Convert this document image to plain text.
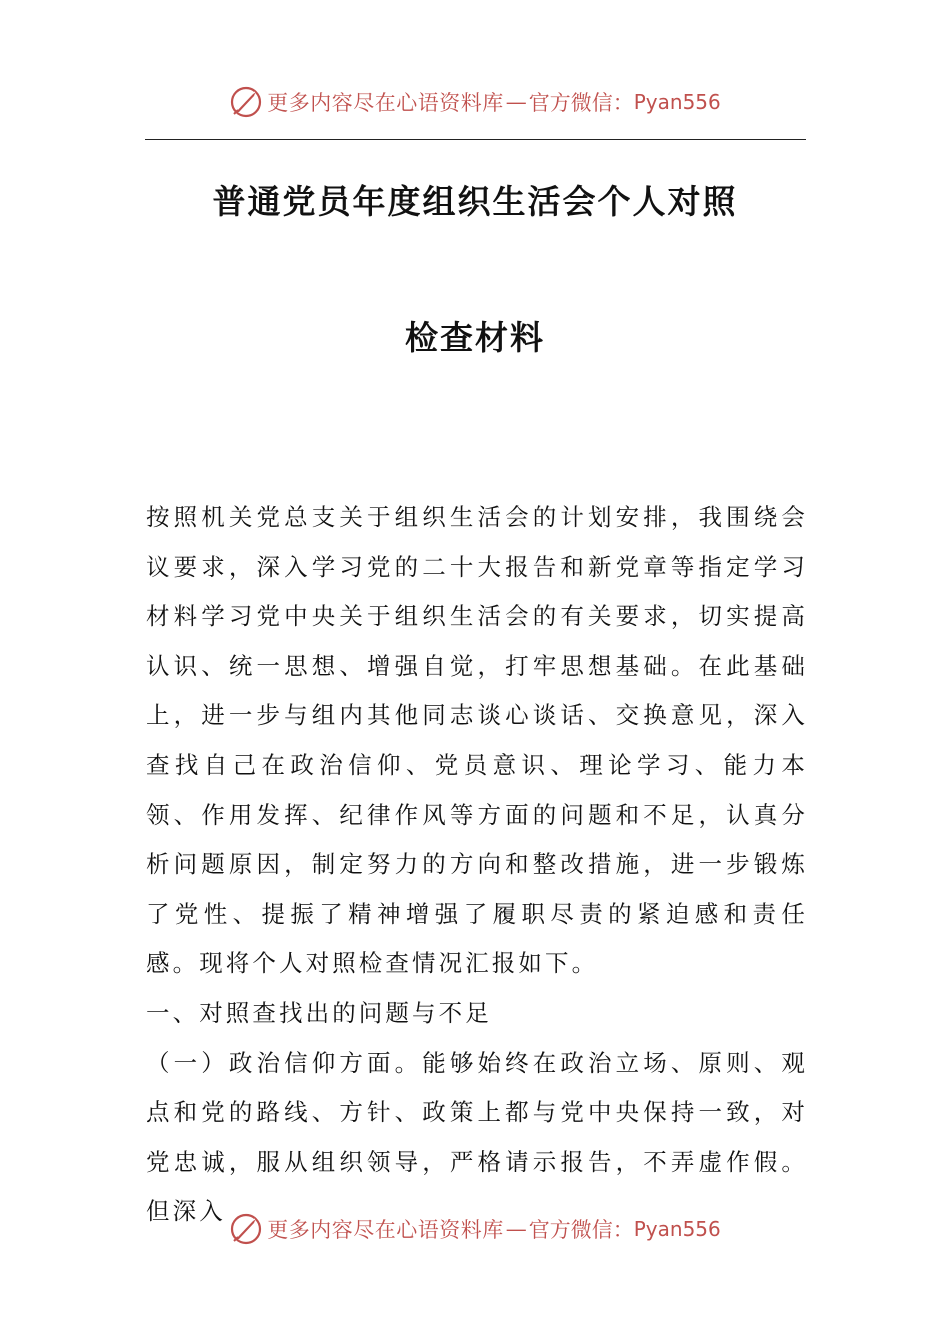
更多内容尽在心语资料库 — 官方微信： Pyan556
普通党员年度组织生活会个人对照
检查材料

按照机关党总支关于组织生活会的计划安排，我围绕会议要求，深入学习党的二十大报告和新党章等指定学习材料学习党中央关于组织生活会的有关要求，切实提高认识、统一思想、增强自觉，打牢思想基础。在此基础上，进一步与组内其他同志谈心谈话、交换意见，深入查找自己在政治信仰、党员意识、理论学习、能力本领、作用发挥、纪律作风等方面的问题和不足，认真分析问题原因，制定努力的方向和整改措施，进一步锻炼了党性、提振了精神增强了履职尽责的紧迫感和责任感。现将个人对照检查情况汇报如下。

一、对照查找出的问题与不足

（一）政治信仰方面。能够始终在政治立场、原则、观点和党的路线、方针、政策上都与党中央保持一致，对党忠诚，服从组织领导，严格请示报告，不弄虚作假。但深入

更多内容尽在心语资料库 — 官方微信： Pyan556
